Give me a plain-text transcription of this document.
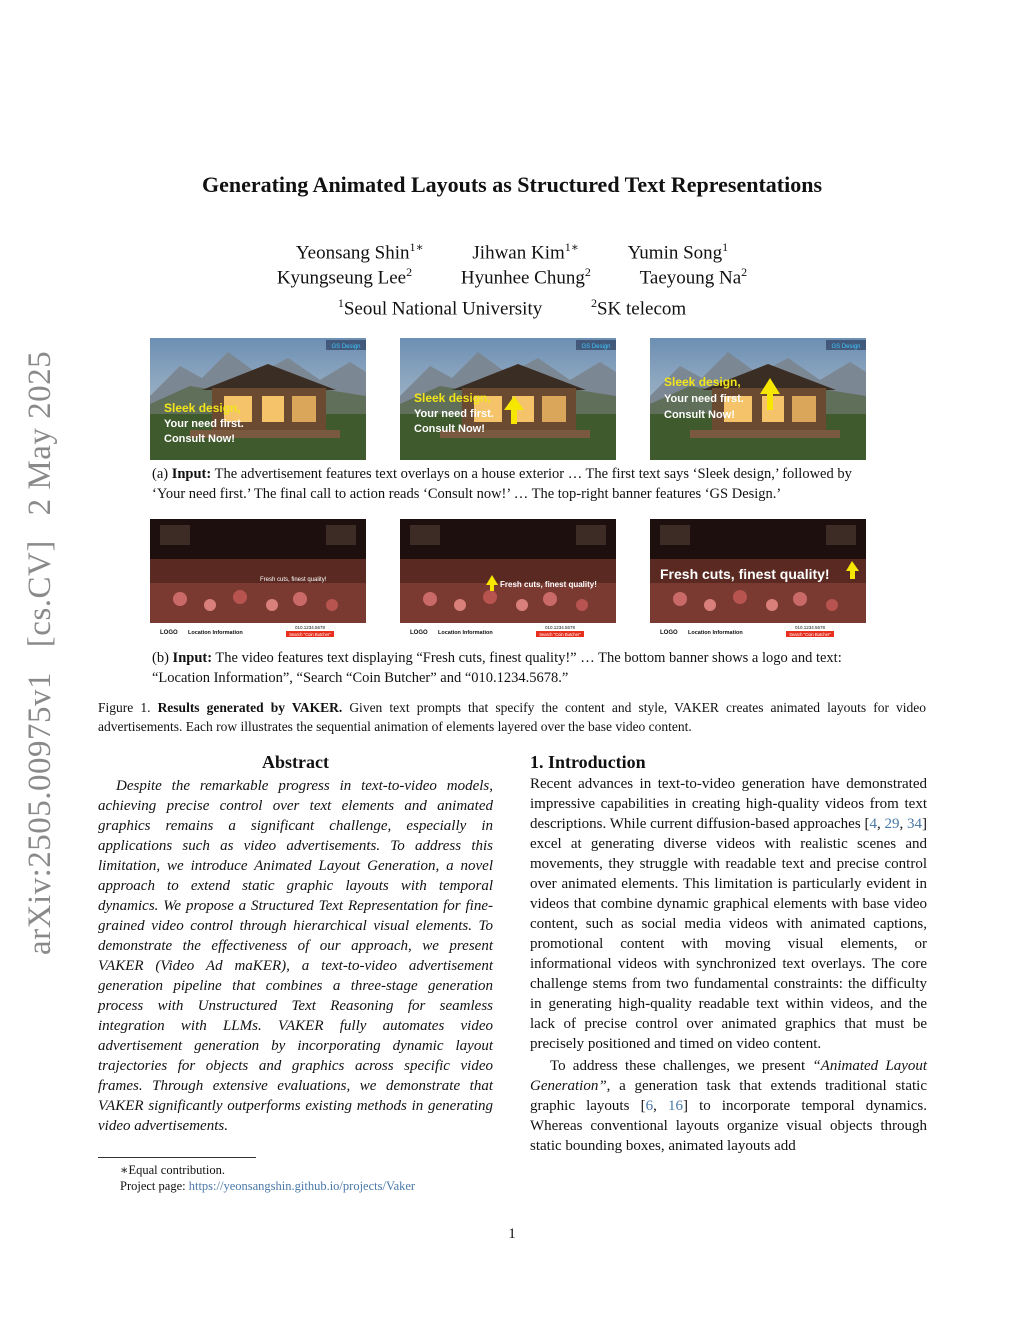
arXiv:2505.00975v1 [cs.CV] 2 May 2025
Generating Animated Layouts as Structured Text Representations
Yeonsang Shin$^{1∗}$	Jihwan Kim$^{1∗}$	Yumin Song$^1$
Kyungseung Lee$^2$	Hyunhee Chung$^2$	Taeyoung Na$^2$
$^1$Seoul National University	$^2$SK telecom
GS Design
Sleek design,
Your need first.
Consult Now!
GS Design
Sleek design,
Your need first.
Consult Now!
GS Design
Sleek design,
Your need first.
Consult Now!
(a) Input: The advertisement features text overlays on a house exterior … The first text says ‘Sleek design,’ followed by ‘Your need first.’ The final call to action reads ‘Consult now!’ … The top-right banner features ‘GS Design.’
Fresh cuts, finest quality!
LOGO Location Information
010.1234.5678
Search "Coin Butcher"
Fresh cuts, finest quality!
LOGO Location Information
010.1234.5678
Search "Coin Butcher"
Fresh cuts, finest quality!
LOGO Location Information
010.1234.5678
Search "Coin Butcher"
(b) Input: The video features text displaying “Fresh cuts, finest quality!” … The bottom banner shows a logo and text: “Location Information”, “Search “Coin Butcher” and “010.1234.5678.”
Figure 1. Results generated by VAKER. Given text prompts that specify the content and style, VAKER creates animated layouts for video advertisements. Each row illustrates the sequential animation of elements layered over the base video content.
Abstract
Despite the remarkable progress in text-to-video models, achieving precise control over text elements and animated graphics remains a significant challenge, especially in applications such as video advertisements. To address this limitation, we introduce Animated Layout Generation, a novel approach to extend static graphic layouts with temporal dynamics. We propose a Structured Text Representation for fine-grained video control through hierarchical visual elements. To demonstrate the effectiveness of our approach, we present VAKER (Video Ad maKER), a text-to-video advertisement generation pipeline that combines a three-stage generation process with Unstructured Text Reasoning for seamless integration with LLMs. VAKER fully automates video advertisement generation by incorporating dynamic layout trajectories for objects and graphics across specific video frames. Through extensive evaluations, we demonstrate that VAKER significantly outperforms existing methods in generating video advertisements.
1. Introduction

Recent advances in text-to-video generation have demonstrated impressive capabilities in creating high-quality videos from text descriptions. While current diffusion-based approaches [4, 29, 34] excel at generating diverse videos with realistic scenes and movements, they struggle with readable text and precise control over animated elements. This limitation is particularly evident in videos that combine dynamic graphical elements with base video content, such as social media videos with animated captions, promotional content with moving visual elements, or informational videos with synchronized text overlays. The core challenge stems from two fundamental constraints: the difficulty in generating high-quality readable text within videos, and the lack of precise control over animated graphics that must be precisely positioned and timed on video content.

To address these challenges, we present “Animated Layout Generation”, a generation task that extends traditional static graphic layouts [6, 16] to incorporate temporal dynamics. Whereas conventional layouts organize visual objects through static bounding boxes, animated layouts add

∗Equal contribution.
Project page: https://yeonsangshin.github.io/projects/Vaker
1
